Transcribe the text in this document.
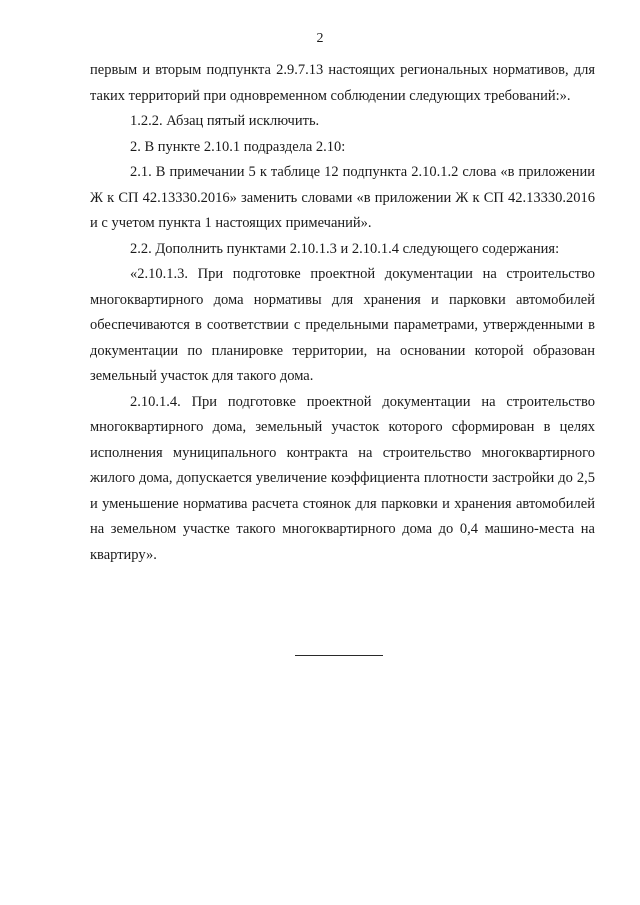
2

первым и вторым подпункта 2.9.7.13 настоящих региональных нормативов, для таких территорий при одновременном соблюдении следующих требований:».

1.2.2. Абзац пятый исключить.

2. В пункте 2.10.1 подраздела 2.10:

2.1. В примечании 5 к таблице 12 подпункта 2.10.1.2 слова «в приложении Ж к СП 42.13330.2016» заменить словами «в приложении Ж к СП 42.13330.2016 и с учетом пункта 1 настоящих примечаний».

2.2. Дополнить пунктами 2.10.1.3 и 2.10.1.4 следующего содержания:

«2.10.1.3. При подготовке проектной документации на строительство многоквартирного дома нормативы для хранения и парковки автомобилей обеспечиваются в соответствии с предельными параметрами, утвержденными в документации по планировке территории, на основании которой образован земельный участок для такого дома.

2.10.1.4. При подготовке проектной документации на строительство многоквартирного дома, земельный участок которого сформирован в целях исполнения муниципального контракта на строительство многоквартирного жилого дома, допускается увеличение коэффициента плотности застройки до 2,5 и уменьшение норматива расчета стоянок для парковки и хранения автомобилей на земельном участке такого многоквартирного дома до 0,4 машино-места на квартиру».
